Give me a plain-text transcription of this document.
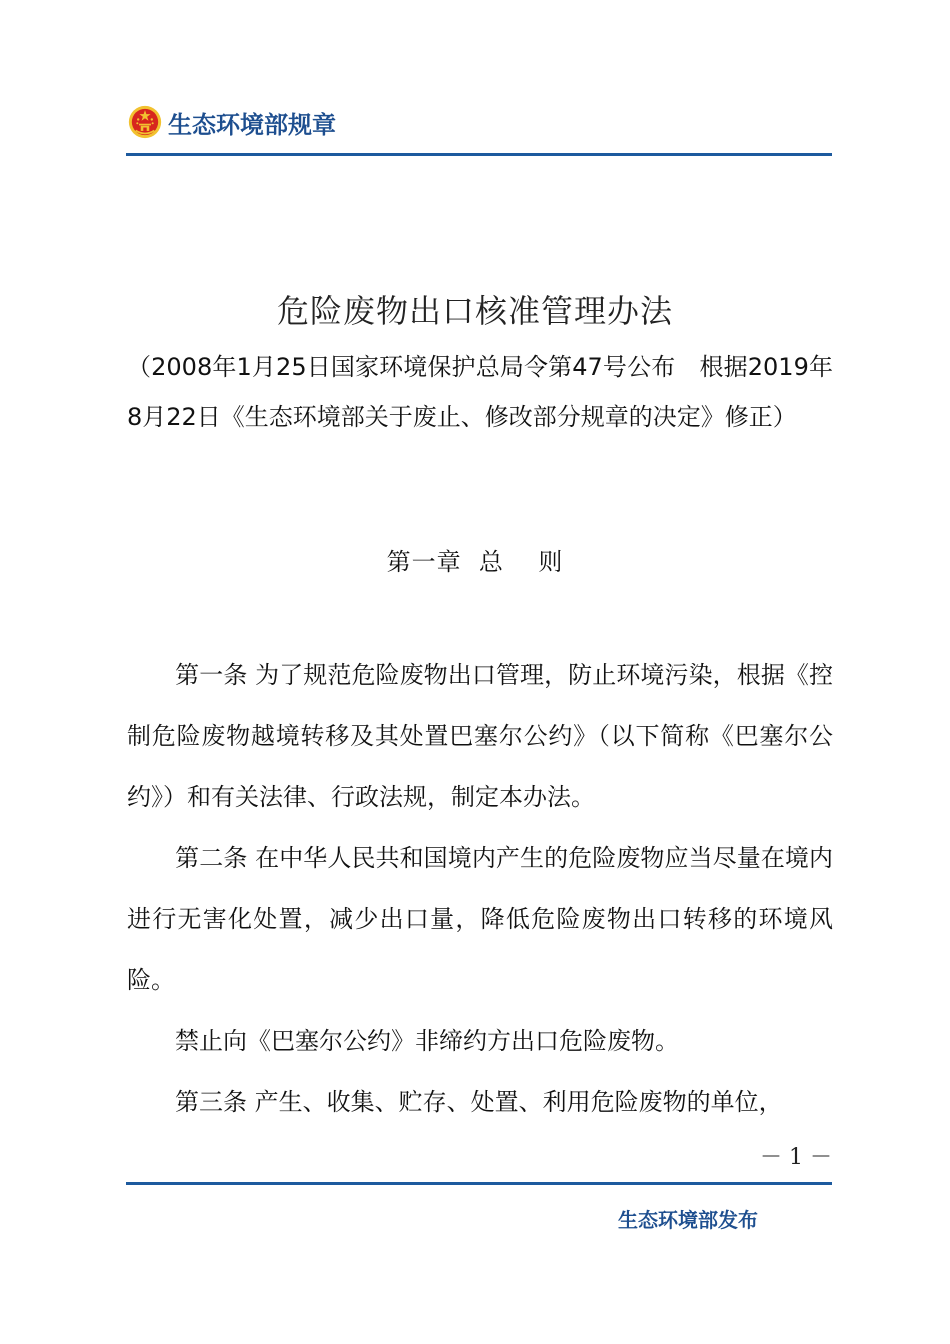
生态环境部规章
危险废物出口核准管理办法

（2008年1月25日国家环境保护总局令第47号公布　根据2019年8月22日《生态环境部关于废止、修改部分规章的决定》修正）

第一章  总    则

　　第一条 为了规范危险废物出口管理，防止环境污染，根据《控制危险废物越境转移及其处置巴塞尔公约》（以下简称《巴塞尔公约》）和有关法律、行政法规，制定本办法。

　　第二条 在中华人民共和国境内产生的危险废物应当尽量在境内进行无害化处置，减少出口量，降低危险废物出口转移的环境风险。

　　禁止向《巴塞尔公约》非缔约方出口危险废物。

　　第三条 产生、收集、贮存、处置、利用危险废物的单位，

－ 1 －
生态环境部发布
